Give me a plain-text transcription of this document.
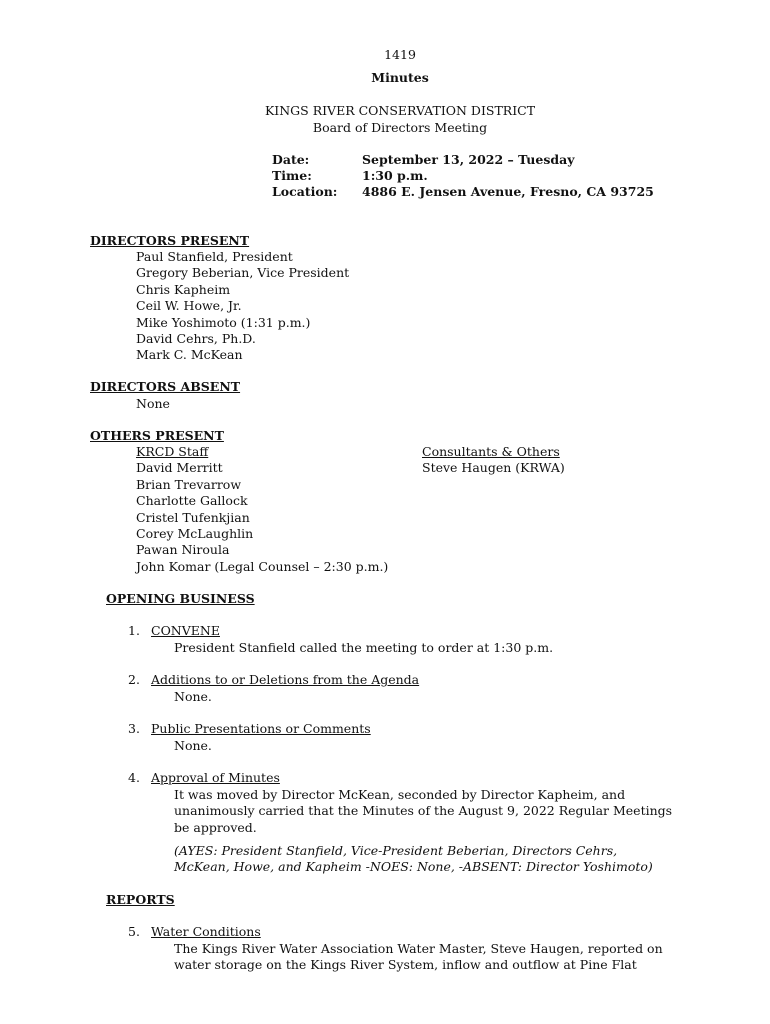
1419
Minutes
KINGS RIVER CONSERVATION DISTRICT
Board of Directors Meeting
Date:	September 13, 2022 – Tuesday
Time:	1:30 p.m.
Location: 4886 E. Jensen Avenue, Fresno, CA 93725
DIRECTORS PRESENT
Paul Stanfield, President
Gregory Beberian, Vice President
Chris Kapheim
Ceil W. Howe, Jr.
Mike Yoshimoto (1:31 p.m.)
David Cehrs, Ph.D.
Mark C. McKean
DIRECTORS ABSENT
None
OTHERS PRESENT
KRCD Staff
David Merritt
Brian Trevarrow
Charlotte Gallock
Cristel Tufenkjian
Corey McLaughlin
Pawan Niroula
John Komar (Legal Counsel – 2:30 p.m.)
Consultants & Others
Steve Haugen (KRWA)
OPENING BUSINESS
1. CONVENE
President Stanfield called the meeting to order at 1:30 p.m.
2. Additions to or Deletions from the Agenda
None.
3. Public Presentations or Comments
None.
4. Approval of Minutes
It was moved by Director McKean, seconded by Director Kapheim, and unanimously carried that the Minutes of the August 9, 2022 Regular Meetings be approved.
(AYES: President Stanfield, Vice-President Beberian, Directors Cehrs, McKean, Howe, and Kapheim -NOES: None, -ABSENT: Director Yoshimoto)
REPORTS
5. Water Conditions
The Kings River Water Association Water Master, Steve Haugen, reported on water storage on the Kings River System, inflow and outflow at Pine Flat
